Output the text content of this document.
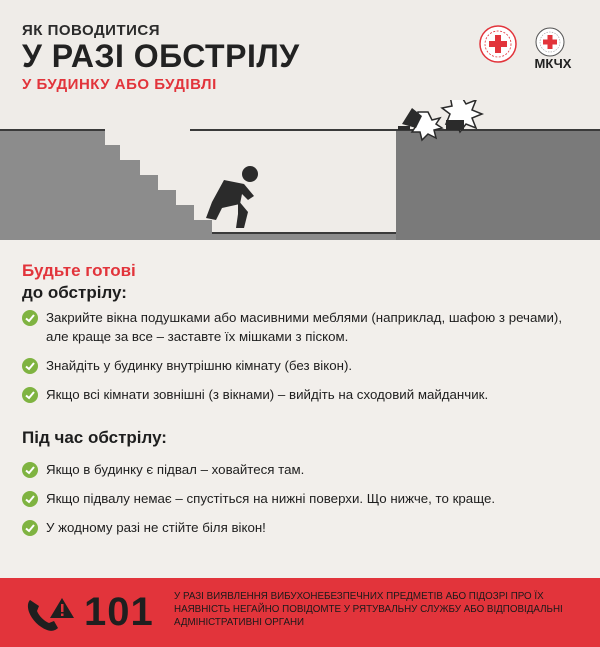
ЯК ПОВОДИТИСЯ
У РАЗІ ОБСТРІЛУ
У БУДИНКУ АБО БУДІВЛІ
МКЧХ
Будьте готові
до обстрілу:
Закрийте вікна подушками або масивними меблями (наприклад, шафою з речами), але краще за все – заставте їх мішками з піском.
Знайдіть у будинку внутрішню кімнату (без вікон).
Якщо всі кімнати зовнішні (з вікнами) – вийдіть на сходовий майданчик.
Під час обстрілу:
Якщо в будинку є підвал – ховайтеся там.
Якщо підвалу немає – спустіться на нижні поверхи. Що нижче, то краще.
У жодному разі не стійте біля вікон!
101 У РАЗІ ВИЯВЛЕННЯ ВИБУХОНЕБЕЗПЕЧНИХ ПРЕДМЕТІВ АБО ПІДОЗРІ ПРО ЇХ НАЯВНІСТЬ НЕГАЙНО ПОВІДОМТЕ У РЯТУВАЛЬНУ СЛУЖБУ АБО ВІДПОВІДАЛЬНІ АДМІНІСТРАТИВНІ ОРГАНИ
